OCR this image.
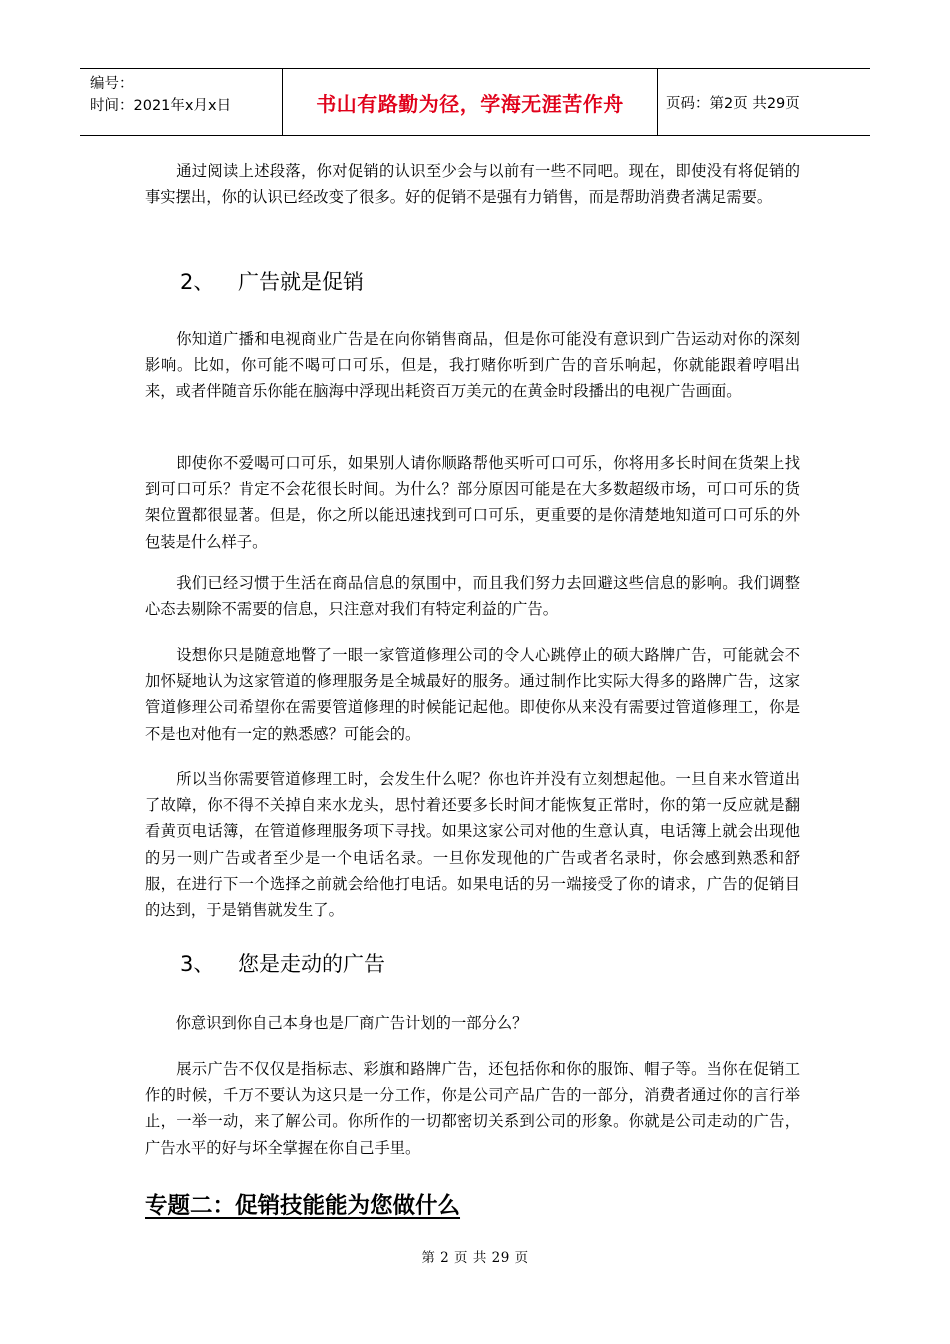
编号：
时间：2021年x月x日	书山有路勤为径，学海无涯苦作舟	页码：第2页 共29页

　　通过阅读上述段落，你对促销的认识至少会与以前有一些不同吧。现在，即使没有将促销的事实摆出，你的认识已经改变了很多。好的促销不是强有力销售，而是帮助消费者满足需要。

2、 广告就是促销

　　你知道广播和电视商业广告是在向你销售商品，但是你可能没有意识到广告运动对你的深刻影响。比如，你可能不喝可口可乐，但是，我打赌你听到广告的音乐响起，你就能跟着哼唱出来，或者伴随音乐你能在脑海中浮现出耗资百万美元的在黄金时段播出的电视广告画面。

　　即使你不爱喝可口可乐，如果别人请你顺路帮他买听可口可乐，你将用多长时间在货架上找到可口可乐？肯定不会花很长时间。为什么？部分原因可能是在大多数超级市场，可口可乐的货架位置都很显著。但是，你之所以能迅速找到可口可乐，更重要的是你清楚地知道可口可乐的外包装是什么样子。

　　我们已经习惯于生活在商品信息的氛围中，而且我们努力去回避这些信息的影响。我们调整心态去剔除不需要的信息，只注意对我们有特定利益的广告。

　　设想你只是随意地瞥了一眼一家管道修理公司的令人心跳停止的硕大路牌广告，可能就会不加怀疑地认为这家管道的修理服务是全城最好的服务。通过制作比实际大得多的路牌广告，这家管道修理公司希望你在需要管道修理的时候能记起他。即使你从来没有需要过管道修理工，你是不是也对他有一定的熟悉感？可能会的。

　　所以当你需要管道修理工时，会发生什么呢？你也许并没有立刻想起他。一旦自来水管道出了故障，你不得不关掉自来水龙头，思忖着还要多长时间才能恢复正常时，你的第一反应就是翻看黄页电话簿，在管道修理服务项下寻找。如果这家公司对他的生意认真，电话簿上就会出现他的另一则广告或者至少是一个电话名录。一旦你发现他的广告或者名录时，你会感到熟悉和舒服，在进行下一个选择之前就会给他打电话。如果电话的另一端接受了你的请求，广告的促销目的达到，于是销售就发生了。

3、 您是走动的广告

　　你意识到你自己本身也是厂商广告计划的一部分么？

　　展示广告不仅仅是指标志、彩旗和路牌广告，还包括你和你的服饰、帽子等。当你在促销工作的时候，千万不要认为这只是一分工作，你是公司产品广告的一部分，消费者通过你的言行举止，一举一动，来了解公司。你所作的一切都密切关系到公司的形象。你就是公司走动的广告，广告水平的好与坏全掌握在你自己手里。

专题二：促销技能能为您做什么
第 2 页 共 29 页
